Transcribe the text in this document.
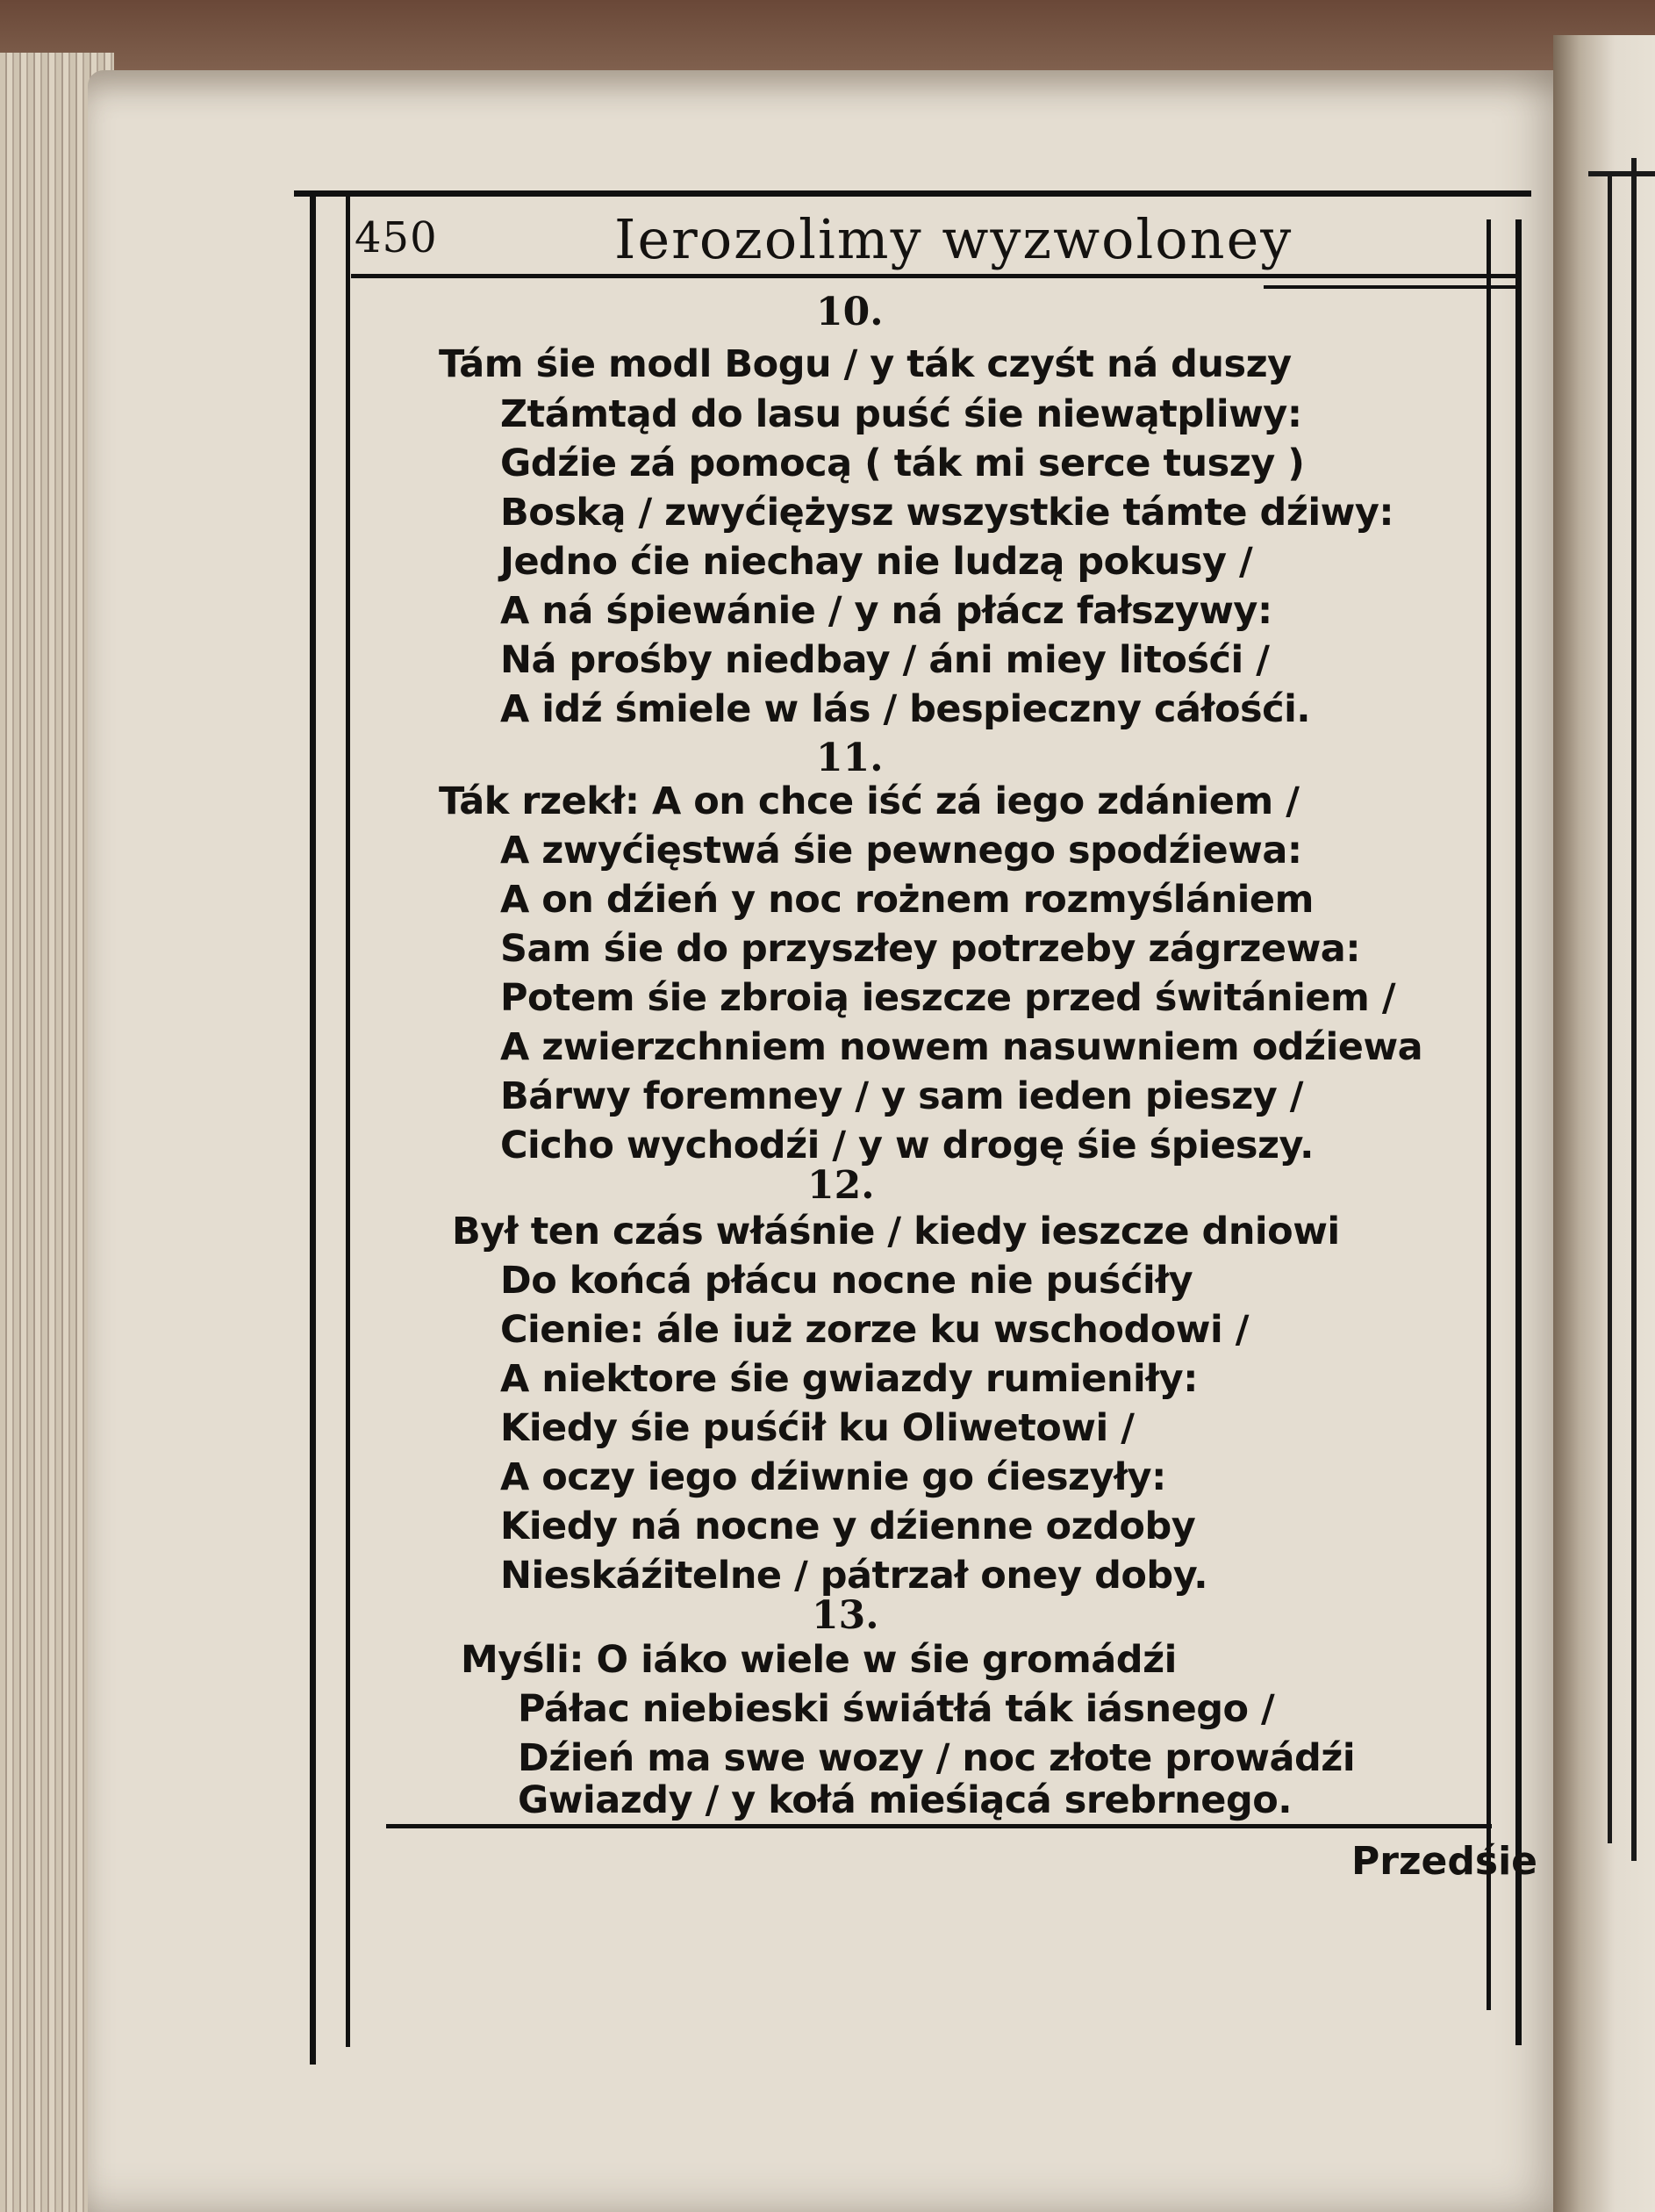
450	Ierozolimy wyzwoloney
10.
Tám śie modl Bogu / y ták czyśt ná duszy
Ztámtąd do lasu puść śie niewątpliwy:
Gdźie zá pomocą ( ták mi serce tuszy )
Boską / zwyćiężysz wszystkie támte dźiwy:
Jedno ćie niechay nie ludzą pokusy /
A ná śpiewánie / y ná płácz fałszywy:
Ná prośby niedbay / áni miey litośći /
A idź śmiele w lás / bespieczny cáłośći.
11.
Ták rzekł: A on chce iść zá iego zdániem /
A zwyćięstwá śie pewnego spodźiewa:
A on dźień y noc rożnem rozmyślániem
Sam śie do przyszłey potrzeby zágrzewa:
Potem śie zbroią ieszcze przed świtániem /
A zwierzchniem nowem nasuwniem odźiewa
Bárwy foremney / y sam ieden pieszy /
Cicho wychodźi / y w drogę śie śpieszy.
12.
Był ten czás włáśnie / kiedy ieszcze dniowi
Do końcá płácu nocne nie puśćiły
Cienie: ále iuż zorze ku wschodowi /
A niektore śie gwiazdy rumieniły:
Kiedy śie puśćił ku Oliwetowi /
A oczy iego dźiwnie go ćieszyły:
Kiedy ná nocne y dźienne ozdoby
Nieskáźitelne / pátrzał oney doby.
13.
Myśli: O iáko wiele w śie gromádźi
Páłac niebieski świátłá ták iásnego /
Dźień ma swe wozy / noc złote prowádźi
Gwiazdy / y kołá mieśiącá srebrnego.
Przedśie
